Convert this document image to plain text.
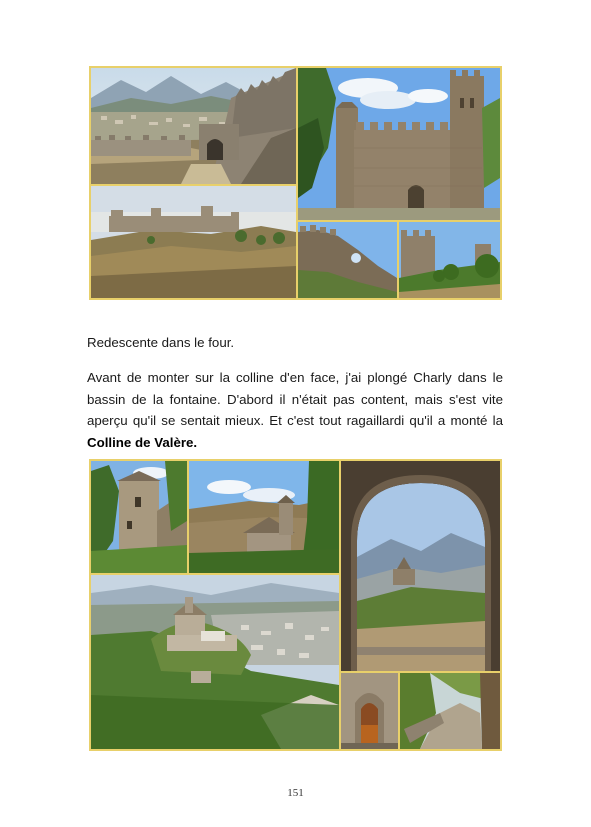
Redescente dans le four.

Avant de monter sur la colline d'en face, j'ai plongé Charly dans le bassin de la fontaine. D'abord il n'était pas content, mais s'est vite aperçu qu'il se sentait mieux. Et c'est tout ragaillardi qu'il a monté la Colline de Valère.

151
